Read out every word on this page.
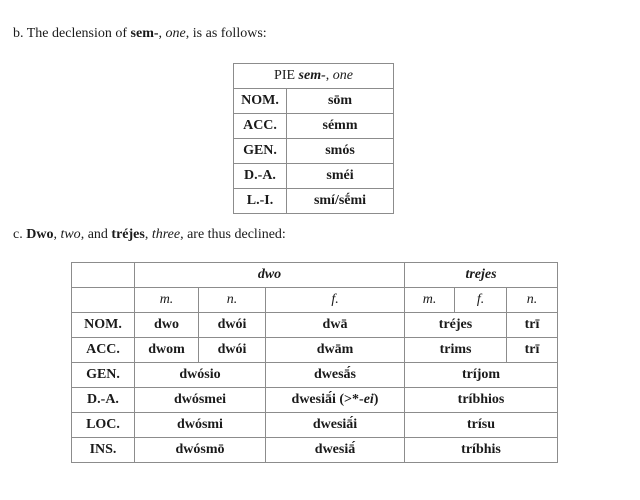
b. The declension of sem-, one, is as follows:
PIE sem-, one	
NOM.	sōm
ACC.	sémm
GEN.	smós
D.-A.	sméi
L.-I.	smí/sḗmi
c. Dwo, two, and tréjes, three, are thus declined:
	dwo			trejes		
	m.	n.	f.	m.	f.	n.
NOM.	dwo	dwói	dwā	tréjes		trī
ACC.	dwom	dwói	dwām	trims		trī
GEN.	dwósio		dwesā́s	tríjom		
D.-A.	dwósmei		dwesiā́i (>*-ei)	tríbhios		
LOC.	dwósmi		dwesiā́i	trísu		
INS.	dwósmō		dwesiā́	tríbhis		
